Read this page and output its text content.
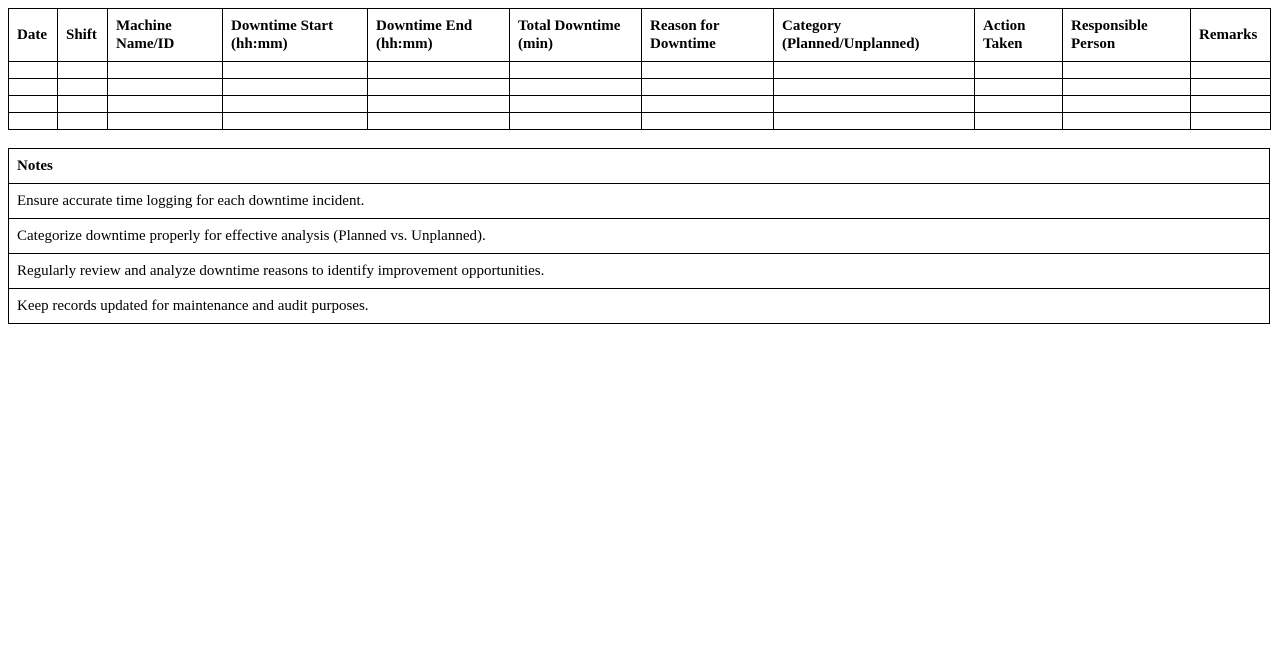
Date	Shift	Machine Name/ID	Downtime Start (hh:mm)	Downtime End (hh:mm)	Total Downtime (min)	Reason for Downtime	Category (Planned/Unplanned)	Action Taken	Responsible Person	Remarks

Notes
Ensure accurate time logging for each downtime incident.
Categorize downtime properly for effective analysis (Planned vs. Unplanned).
Regularly review and analyze downtime reasons to identify improvement opportunities.
Keep records updated for maintenance and audit purposes.
